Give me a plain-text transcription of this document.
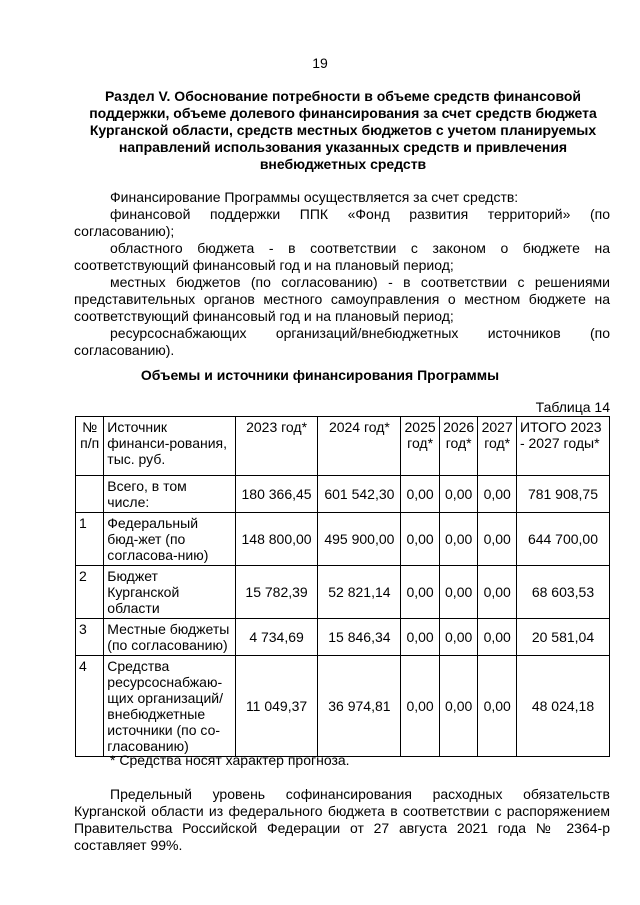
19
Раздел V. Обоснование потребности в объеме средств финансовой поддержки, объеме долевого финансирования за счет средств бюджета Курганской области, средств местных бюджетов с учетом планируемых направлений использования указанных средств и привлечения внебюджетных средств

Финансирование Программы осуществляется за счет средств:

финансовой поддержки ППК «Фонд развития территорий» (по согласованию);

областного бюджета - в соответствии с законом о бюджете на соответствующий финансовый год и на плановый период;

местных бюджетов (по согласованию) - в соответствии с решениями представительных органов местного самоуправления о местном бюджете на соответствующий финансовый год и на плановый период;

ресурсоснабжающих организаций/внебюджетных источников (по согласованию).

Объемы и источники финансирования Программы
Таблица 14
№ п/п	Источник финанси-рования, тыс. руб.	2023 год*	2024 год*	2025 год*	2026 год*	2027 год*	ИТОГО 2023 - 2027 годы*
	Всего, в том числе:	180 366,45	601 542,30	0,00	0,00	0,00	781 908,75
1	Федеральный бюд-жет (по согласова-нию)	148 800,00	495 900,00	0,00	0,00	0,00	644 700,00
2	Бюджет Курганской области	15 782,39	52 821,14	0,00	0,00	0,00	68 603,53
3	Местные бюджеты (по согласованию)	4 734,69	15 846,34	0,00	0,00	0,00	20 581,04
4	Средства ресурсоснабжаю-щих организаций/ внебюджетные источники (по со-гласованию)	11 049,37	36 974,81	0,00	0,00	0,00	48 024,18
* Средства носят характер прогноза.
Предельный уровень софинансирования расходных обязательств Курганской области из федерального бюджета в соответствии с распоряжением Правительства Российской Федерации от 27 августа 2021 года № 2364-р составляет 99%.
